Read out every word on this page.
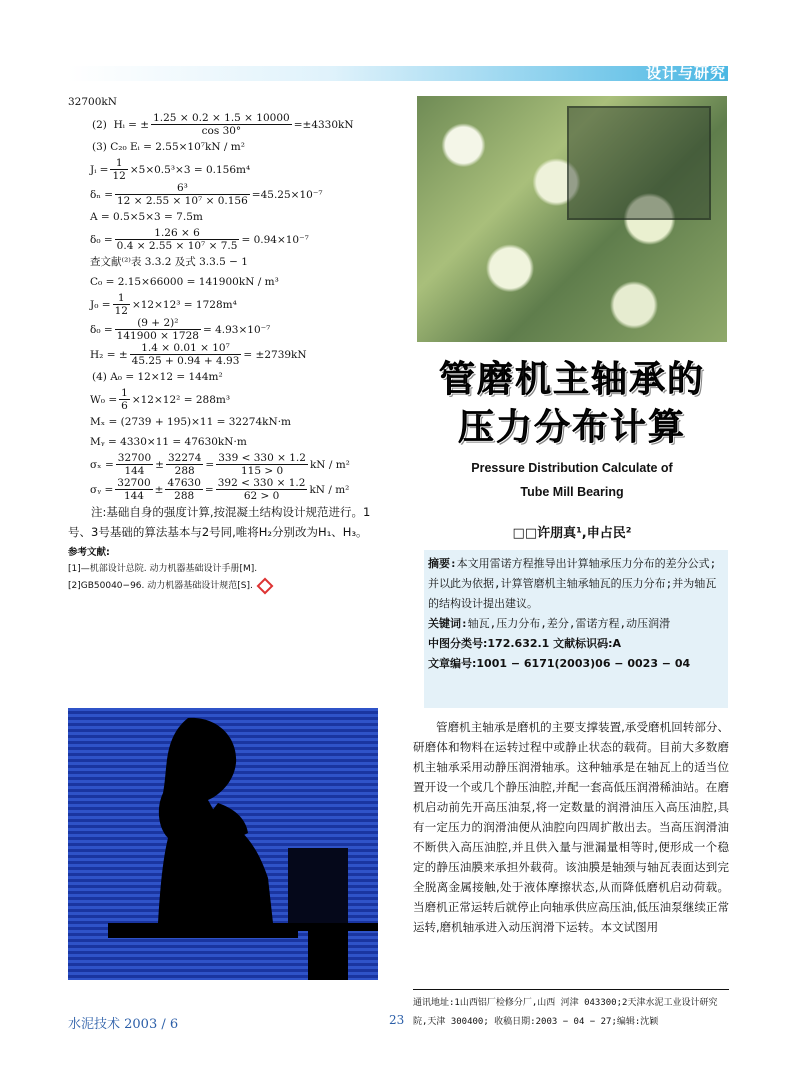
设计与研究
32700kN
(2)
Hᵢ = ± $\frac{1.25 \times 0.2 \times 1.5 \times 10000}{\cos 30^\circ} =\pm 4330kN$
(3) C₂₀ Eᵢ = 2.55×10⁷kN / m²
Jᵢ = $\frac{1}{12} \times 5\times 0.5^3\times 3 = 0.156m^4$
$\delta_n = \frac{\text{6³}}{\text{12 × 2.55 × 10⁷ × 0.156}} =45.25\times 10^{-7}$
A = 0.5×5×3 = 7.5m
$\delta_0 = \frac{1.26 \times 6}{\text{0.4 × 2.55 × 10⁷ × 7.5}} = 0.94\times 10^{-7}$
查文献⁽²⁾表 3.3.2 及式 3.3.5 − 1
C₀ = 2.15×66000 = 141900kN / m³
$J_0 = \frac{1}{12} \times 12\times 12^3 = 1728m^4$
$\delta_0 = \frac{\text{(9 + 2)²}}{141900 \times 1728} = 4.93\times 10^{-7}$
H₂ = ± $\frac{\text{1.4 × 0.01 × 10⁷}}{45.25 + 0.94 + 4.93} = \pm 2739kN$
(4) A₀ = 12×12 = 144m²
$W_0 = \frac{1}{6} \times 12\times 12^2 = 288m^3$
Mₓ = (2739 + 195)×11 = 32274kN·m
Mᵧ = 4330×11 = 47630kN·m
$\sigma_x = \frac{32700}{144} \pm \frac{32274}{288} = \frac{339 < 330 \times 1.2}{115 > 0}$ kN / m²
σᵧ = $\frac{32700}{144} \pm \frac{47630}{288} = \frac{392 < 330 \times 1.2}{62 > 0}$ kN / m²
注:基础自身的强度计算,按混凝土结构设计规范进行。1号、3号基础的算法基本与2号同,唯将H₂分别改为H₁、H₃。
参考文献:
[1]—机部设计总院. 动力机器基础设计手册[M].
[2]GB50040−96. 动力机器基础设计规范[S].
管磨机主轴承的
压力分布计算
Pressure Distribution Calculate of
Tube Mill Bearing
□□许朋真¹,申占民²
摘要:本文用雷诺方程推导出计算轴承压力分布的差分公式;并以此为依据,计算管磨机主轴承轴瓦的压力分布;并为轴瓦的结构设计提出建议。
关键词:轴瓦,压力分布,差分,雷诺方程,动压润滑
中图分类号:172.632.1 文献标识码:A
文章编号:1001 − 6171(2003)06 − 0023 − 04
管磨机主轴承是磨机的主要支撑装置,承受磨机回转部分、研磨体和物料在运转过程中或静止状态的载荷。目前大多数磨机主轴承采用动静压润滑轴承。这种轴承是在轴瓦上的适当位置开设一个或几个静压油腔,并配一套高低压润滑稀油站。在磨机启动前先开高压油泵,将一定数量的润滑油压入高压油腔,具有一定压力的润滑油便从油腔向四周扩散出去。当高压润滑油不断供入高压油腔,并且供入量与泄漏量相等时,便形成一个稳定的静压油膜来承担外载荷。该油膜是轴颈与轴瓦表面达到完全脱离金属接触,处于液体摩擦状态,从而降低磨机启动荷载。当磨机正常运转后就停止向轴承供应高压油,低压油泵继续正常运转,磨机轴承进入动压润滑下运转。本文试图用
通讯地址:1山西铝厂检修分厂,山西 河津 043300;2天津水泥工业设计研究院,天津 300400; 收稿日期:2003 − 04 − 27;编辑:沈颖
水泥技术 2003 / 6	23
